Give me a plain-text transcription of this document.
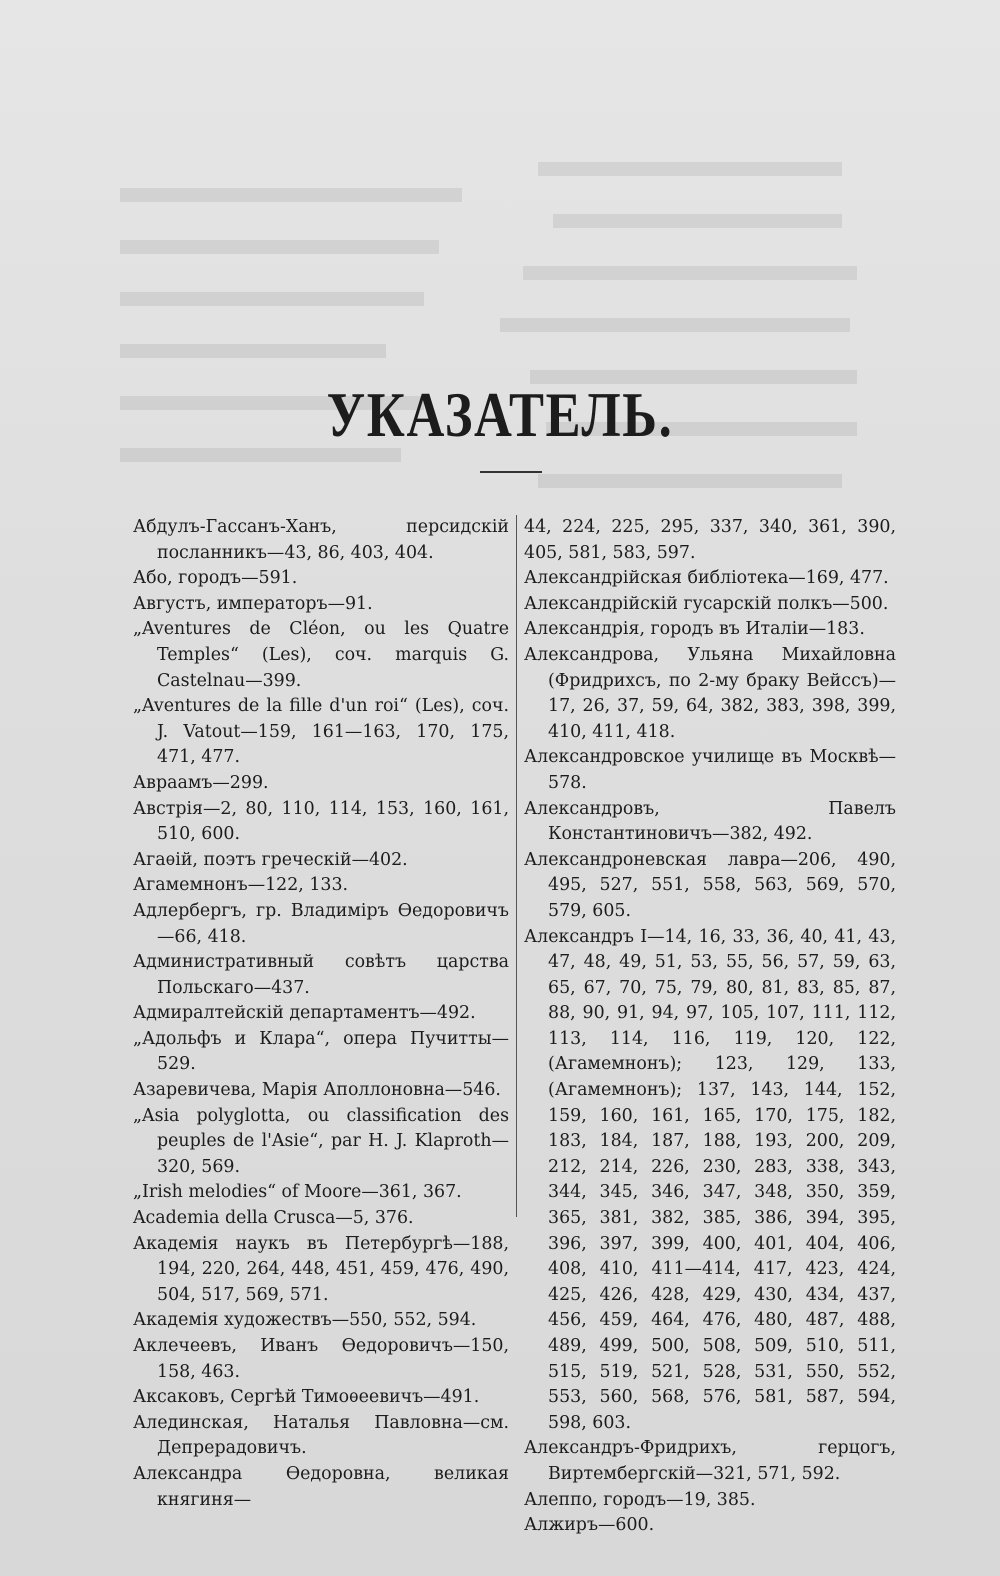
УКАЗАТЕЛЬ.

Абдулъ-Гассанъ-Ханъ, персидскій посланникъ—43, 86, 403, 404.

Або, городъ—591.

Августъ, императоръ—91.

„Aventures de Cléon, ou les Quatre Temples“ (Les), соч. marquis G. Castelnau—399.

„Aventures de la fille d'un roi“ (Les), соч. J. Vatout—159, 161—163, 170, 175, 471, 477.

Авраамъ—299.

Австрія—2, 80, 110, 114, 153, 160, 161, 510, 600.

Агаѳій, поэтъ греческій—402.

Агамемнонъ—122, 133.

Адлербергъ, гр. Владиміръ Ѳедоровичъ—66, 418.

Административный совѣтъ царства Польскаго—437.

Адмиралтейскій департаментъ—492.

„Адольфъ и Клара“, опера Пучитты—529.

Азаревичева, Марія Аполлоновна—546.

„Asia polyglotta, ou classification des peuples de l'Asie“, par H. J. Klaproth—320, 569.

„Irish melodies“ of Moore—361, 367.

Academia della Crusca—5, 376.

Академія наукъ въ Петербургѣ—188, 194, 220, 264, 448, 451, 459, 476, 490, 504, 517, 569, 571.

Академія художествъ—550, 552, 594.

Аклечеевъ, Иванъ Ѳедоровичъ—150, 158, 463.

Аксаковъ, Сергѣй Тимоѳеевичъ—491.

Алединская, Наталья Павловна—см. Депрерадовичъ.

Александра Ѳедоровна, великая княгиня—

44, 224, 225, 295, 337, 340, 361, 390, 405, 581, 583, 597.

Александрійская библіотека—169, 477.

Александрійскій гусарскій полкъ—500.

Александрія, городъ въ Италіи—183.

Александрова, Ульяна Михайловна (Фридрихсъ, по 2-му браку Вейссъ)—17, 26, 37, 59, 64, 382, 383, 398, 399, 410, 411, 418.

Александровское училище въ Москвѣ—578.

Александровъ, Павелъ Константиновичъ—382, 492.

Александроневская лавра—206, 490, 495, 527, 551, 558, 563, 569, 570, 579, 605.

Александръ I—14, 16, 33, 36, 40, 41, 43, 47, 48, 49, 51, 53, 55, 56, 57, 59, 63, 65, 67, 70, 75, 79, 80, 81, 83, 85, 87, 88, 90, 91, 94, 97, 105, 107, 111, 112, 113, 114, 116, 119, 120, 122, (Агамемнонъ); 123, 129, 133, (Агамемнонъ); 137, 143, 144, 152, 159, 160, 161, 165, 170, 175, 182, 183, 184, 187, 188, 193, 200, 209, 212, 214, 226, 230, 283, 338, 343, 344, 345, 346, 347, 348, 350, 359, 365, 381, 382, 385, 386, 394, 395, 396, 397, 399, 400, 401, 404, 406, 408, 410, 411—414, 417, 423, 424, 425, 426, 428, 429, 430, 434, 437, 456, 459, 464, 476, 480, 487, 488, 489, 499, 500, 508, 509, 510, 511, 515, 519, 521, 528, 531, 550, 552, 553, 560, 568, 576, 581, 587, 594, 598, 603.

Александръ-Фридрихъ, герцогъ, Виртембергскій—321, 571, 592.

Алеппо, городъ—19, 385.

Алжиръ—600.
